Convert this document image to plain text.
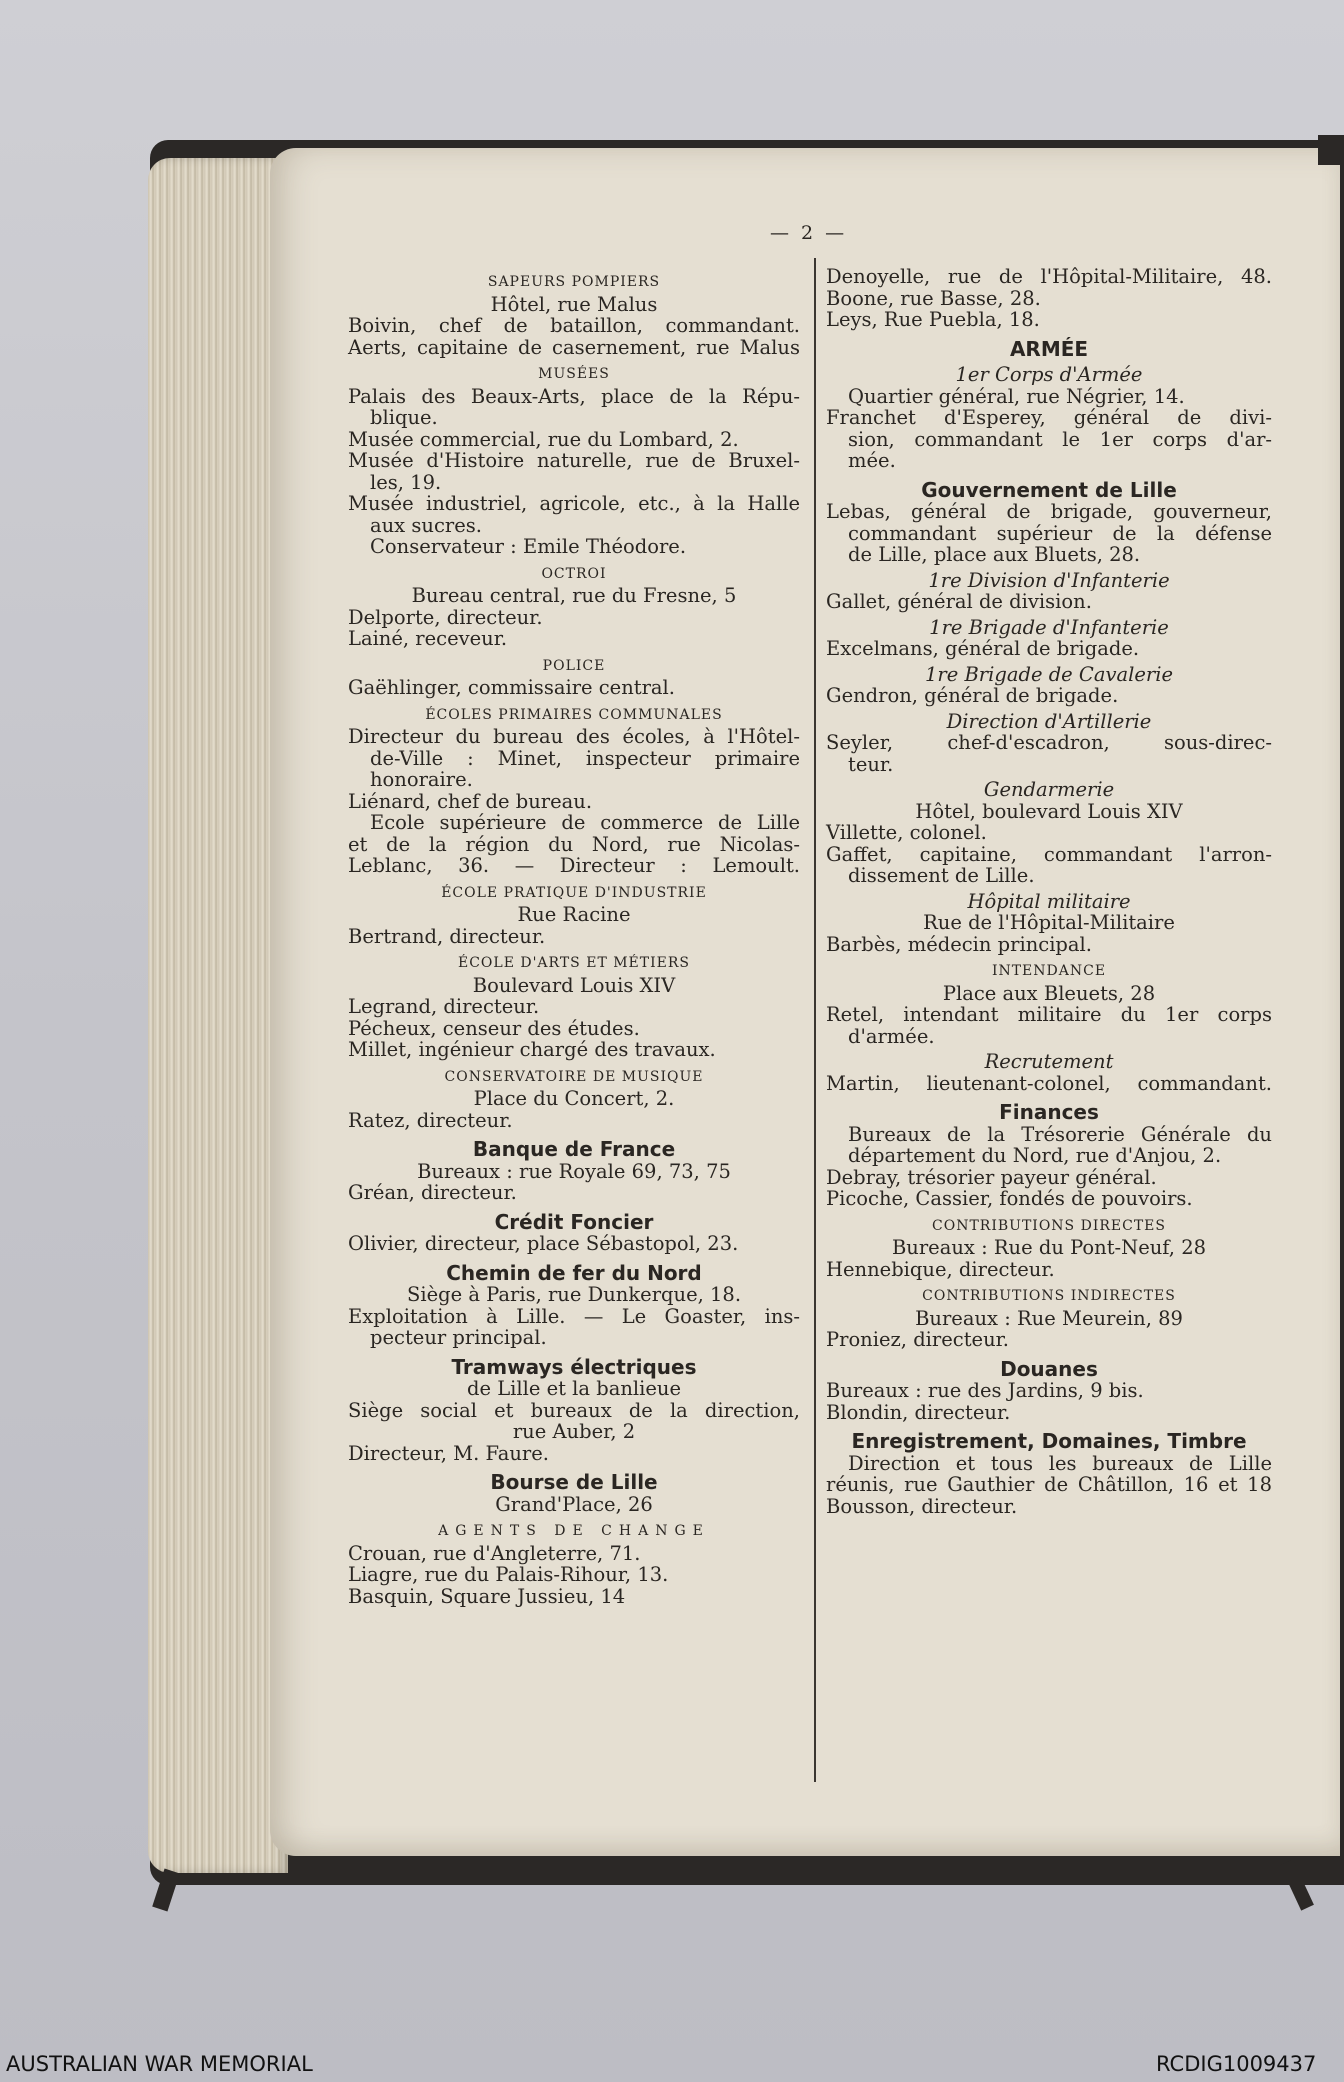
— 2 —
SAPEURS POMPIERS
Hôtel, rue Malus
Boivin, chef de bataillon, commandant.
Aerts, capitaine de casernement, rue Malus
MUSÉES
Palais des Beaux-Arts, place de la Répu-
blique.
Musée commercial, rue du Lombard, 2.
Musée d'Histoire naturelle, rue de Bruxel-
les, 19.
Musée industriel, agricole, etc., à la Halle
aux sucres.
Conservateur : Emile Théodore.
OCTROI
Bureau central, rue du Fresne, 5
Delporte, directeur.
Lainé, receveur.
POLICE
Gaëhlinger, commissaire central.
ÉCOLES PRIMAIRES COMMUNALES
Directeur du bureau des écoles, à l'Hôtel-
de-Ville : Minet, inspecteur primaire
honoraire.
Liénard, chef de bureau.
Ecole supérieure de commerce de Lille
et de la région du Nord, rue Nicolas-
Leblanc, 36. — Directeur : Lemoult.
ÉCOLE PRATIQUE D'INDUSTRIE
Rue Racine
Bertrand, directeur.
ÉCOLE D'ARTS ET MÉTIERS
Boulevard Louis XIV
Legrand, directeur.
Pécheux, censeur des études.
Millet, ingénieur chargé des travaux.
CONSERVATOIRE DE MUSIQUE
Place du Concert, 2.
Ratez, directeur.
Banque de France
Bureaux : rue Royale 69, 73, 75
Gréan, directeur.
Crédit Foncier
Olivier, directeur, place Sébastopol, 23.
Chemin de fer du Nord
Siège à Paris, rue Dunkerque, 18.
Exploitation à Lille. — Le Goaster, ins-
pecteur principal.
Tramways électriques
de Lille et la banlieue
Siège social et bureaux de la direction,
rue Auber, 2
Directeur, M. Faure.
Bourse de Lille
Grand'Place, 26
AGENTS DE CHANGE
Crouan, rue d'Angleterre, 71.
Liagre, rue du Palais-Rihour, 13.
Basquin, Square Jussieu, 14
Denoyelle, rue de l'Hôpital-Militaire, 48.
Boone, rue Basse, 28.
Leys, Rue Puebla, 18.
ARMÉE
1er Corps d'Armée
Quartier général, rue Négrier, 14.
Franchet d'Esperey, général de divi-
sion, commandant le 1er corps d'ar-
mée.
Gouvernement de Lille
Lebas, général de brigade, gouverneur,
commandant supérieur de la défense
de Lille, place aux Bluets, 28.
1re Division d'Infanterie
Gallet, général de division.
1re Brigade d'Infanterie
Excelmans, général de brigade.
1re Brigade de Cavalerie
Gendron, général de brigade.
Direction d'Artillerie
Seyler, chef-d'escadron, sous-direc-
teur.
Gendarmerie
Hôtel, boulevard Louis XIV
Villette, colonel.
Gaffet, capitaine, commandant l'arron-
dissement de Lille.
Hôpital militaire
Rue de l'Hôpital-Militaire
Barbès, médecin principal.
INTENDANCE
Place aux Bleuets, 28
Retel, intendant militaire du 1er corps
d'armée.
Recrutement
Martin, lieutenant-colonel, commandant.
Finances
Bureaux de la Trésorerie Générale du
département du Nord, rue d'Anjou, 2.
Debray, trésorier payeur général.
Picoche, Cassier, fondés de pouvoirs.
CONTRIBUTIONS DIRECTES
Bureaux : Rue du Pont-Neuf, 28
Hennebique, directeur.
CONTRIBUTIONS INDIRECTES
Bureaux : Rue Meurein, 89
Proniez, directeur.
Douanes
Bureaux : rue des Jardins, 9 bis.
Blondin, directeur.
Enregistrement, Domaines, Timbre
Direction et tous les bureaux de Lille
réunis, rue Gauthier de Châtillon, 16 et 18
Bousson, directeur.
AUSTRALIAN WAR MEMORIAL	RCDIG1009437
